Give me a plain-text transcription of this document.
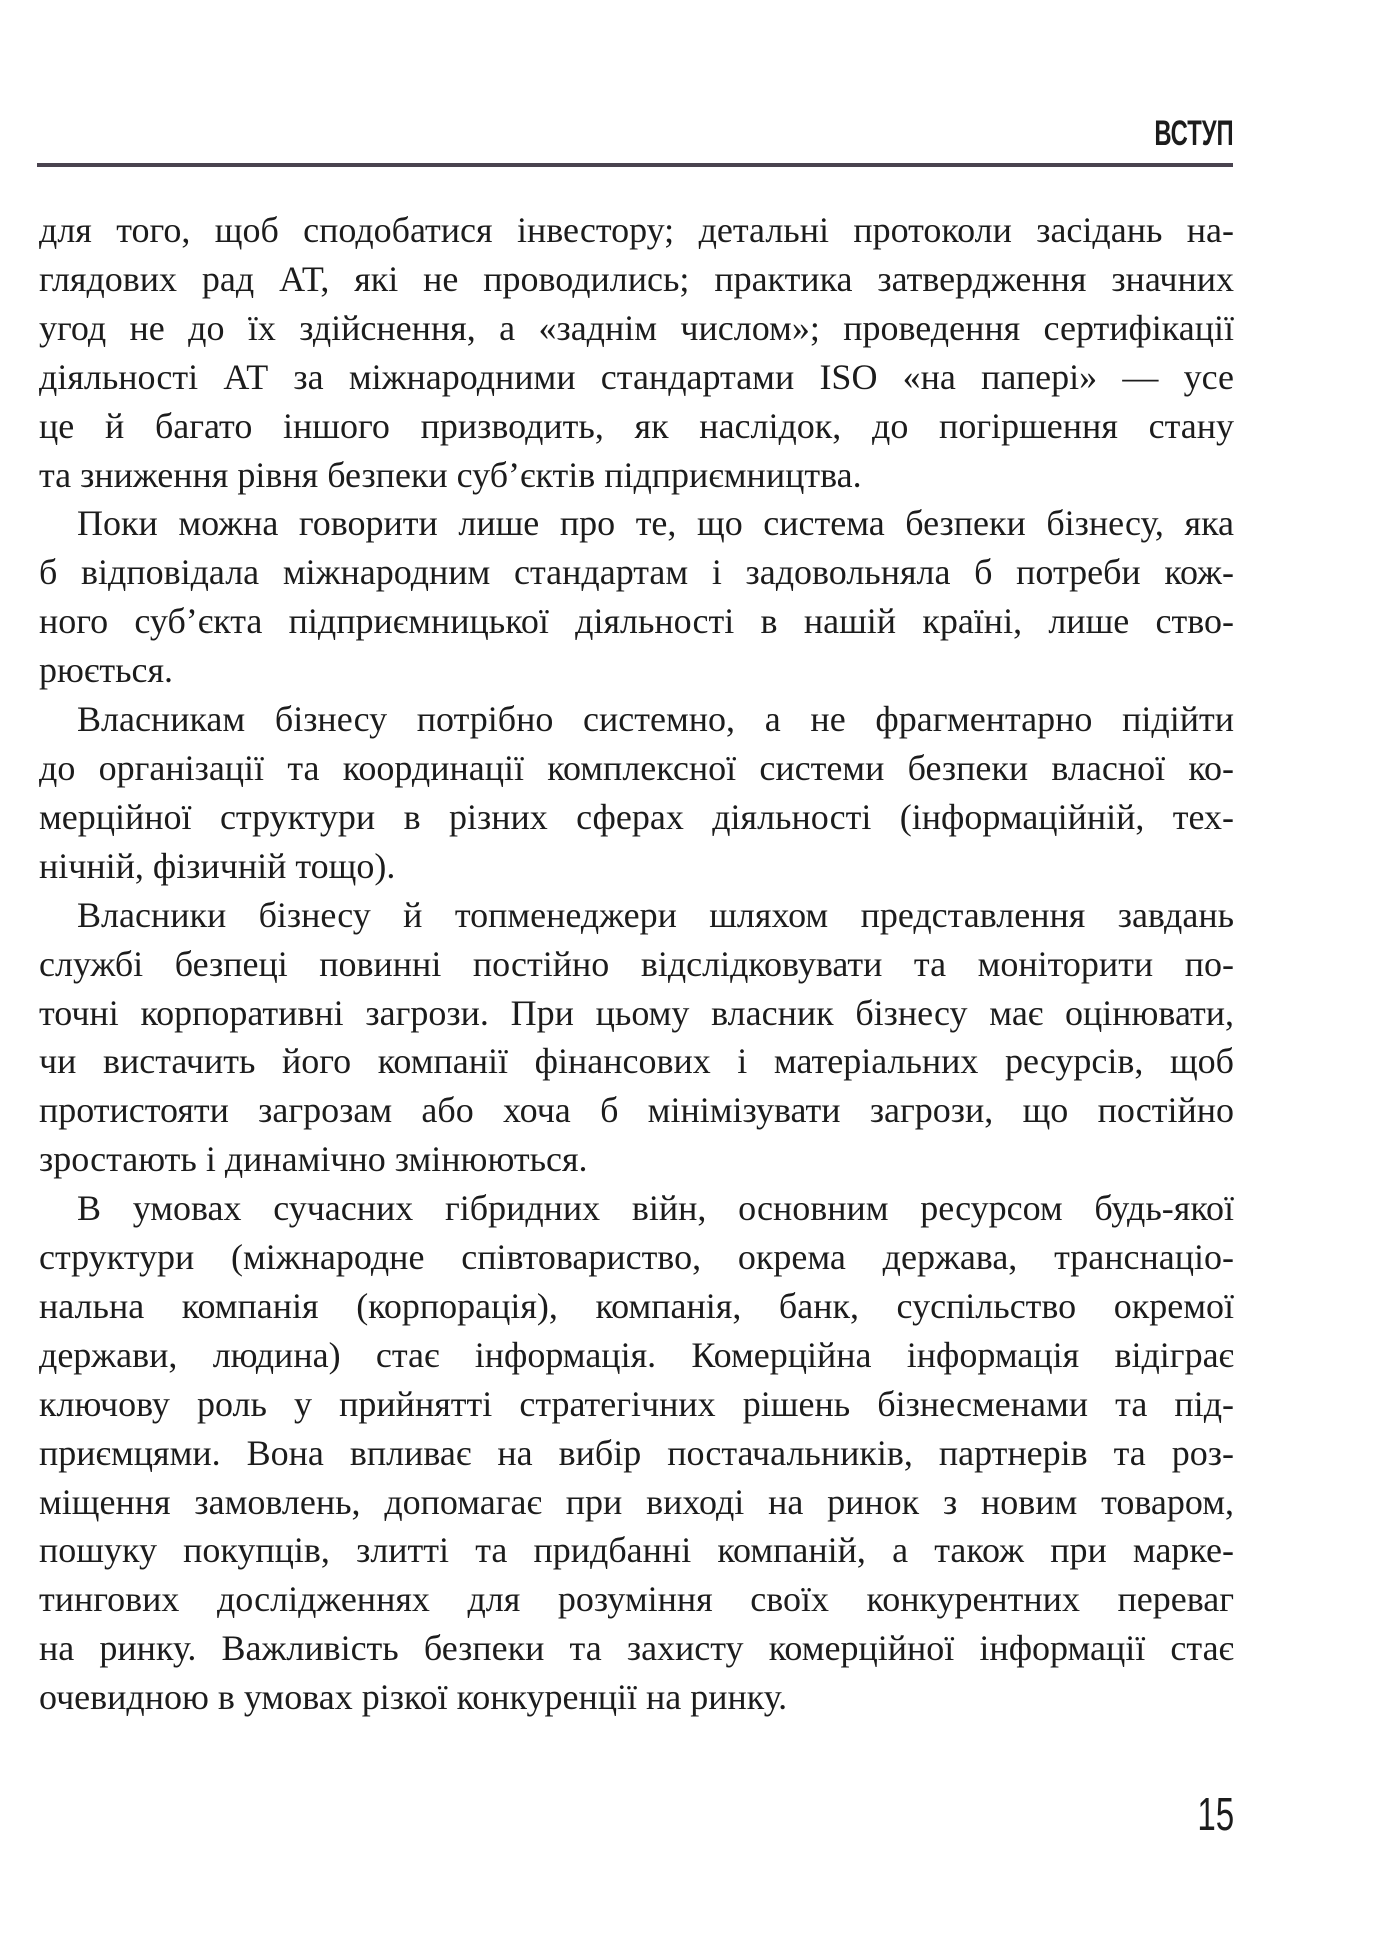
ВСТУП
для того, щоб сподобатися інвестору; детальні протоколи засідань на-
глядових рад АТ, які не проводились; практика затвердження значних
угод не до їх здійснення, а «заднім числом»; проведення сертифікації
діяльності АТ за міжнародними стандартами ISO «на папері» — усе
це й багато іншого призводить, як наслідок, до погіршення стану
та зниження рівня безпеки суб’єктів підприємництва.
Поки можна говорити лише про те, що система безпеки бізнесу, яка
б відповідала міжнародним стандартам і задовольняла б потреби кож-
ного суб’єкта підприємницької діяльності в нашій країні, лише ство-
рюється.
Власникам бізнесу потрібно системно, а не фрагментарно підійти
до організації та координації комплексної системи безпеки власної ко-
мерційної структури в різних сферах діяльності (інформаційній, тех-
нічній, фізичній тощо).
Власники бізнесу й топменеджери шляхом представлення завдань
службі безпеці повинні постійно відслідковувати та моніторити по-
точні корпоративні загрози. При цьому власник бізнесу має оцінювати,
чи вистачить його компанії фінансових і матеріальних ресурсів, щоб
протистояти загрозам або хоча б мінімізувати загрози, що постійно
зростають і динамічно змінюються.
В умовах сучасних гібридних війн, основним ресурсом будь-якої
структури (міжнародне співтовариство, окрема держава, транснаціо-
нальна компанія (корпорація), компанія, банк, суспільство окремої
держави, людина) стає інформація. Комерційна інформація відіграє
ключову роль у прийнятті стратегічних рішень бізнесменами та під-
приємцями. Вона впливає на вибір постачальників, партнерів та роз-
міщення замовлень, допомагає при виході на ринок з новим товаром,
пошуку покупців, злитті та придбанні компаній, а також при марке-
тингових дослідженнях для розуміння своїх конкурентних переваг
на ринку. Важливість безпеки та захисту комерційної інформації стає
очевидною в умовах різкої конкуренції на ринку.
15
